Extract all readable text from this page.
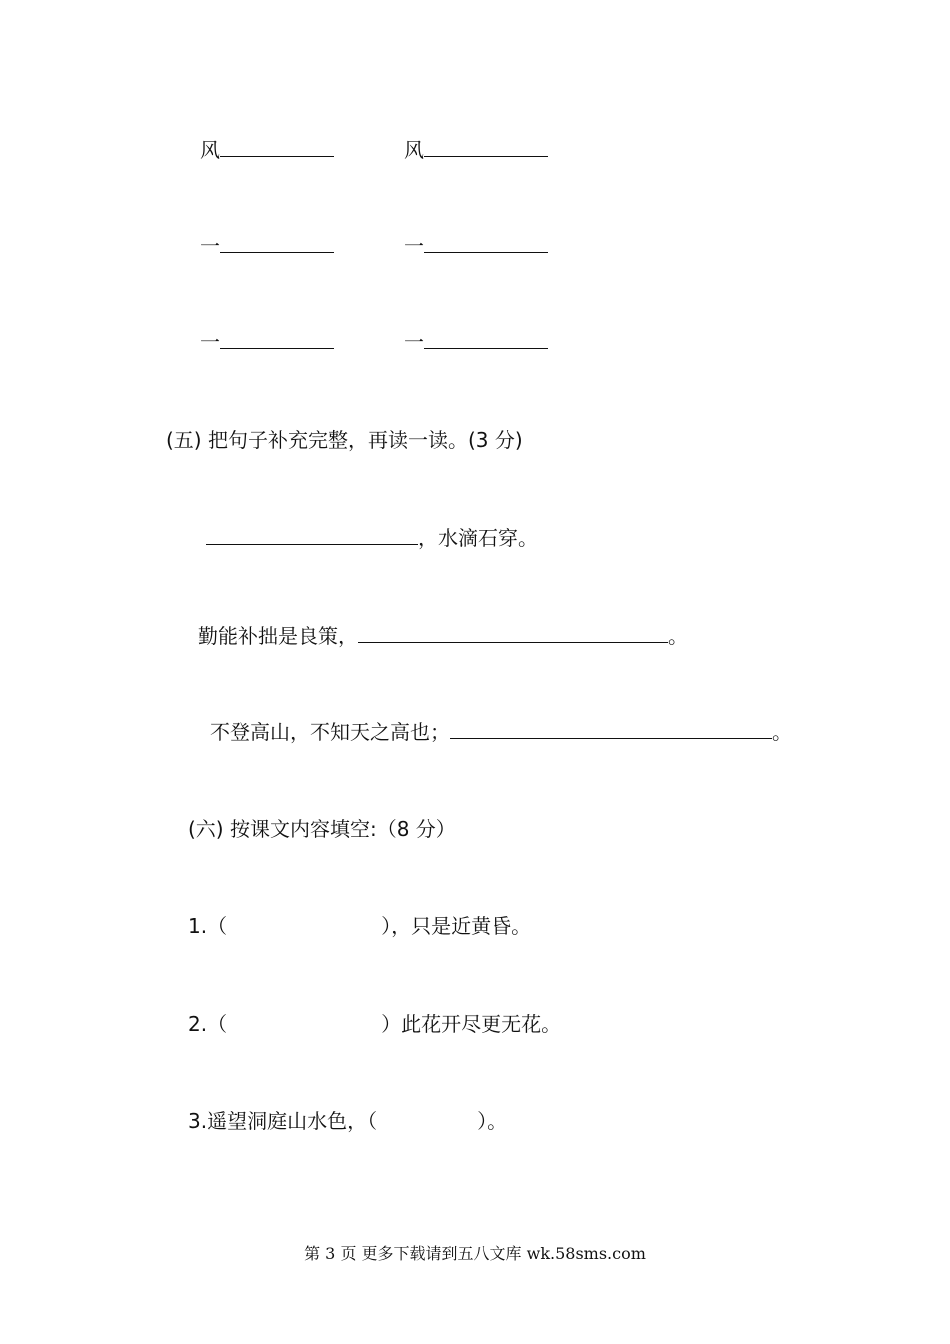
风	风
一	一
一	一
(五) 把句子补充完整，再读一读。(3 分)
，水滴石穿。
勤能补拙是良策，	。
不登高山，不知天之高也；	。
(六) 按课文内容填空:（8 分）
1.（	），只是近黄昏。
2.（	）此花开尽更无花。
3.遥望洞庭山水色，（	）。
第 3 页 更多下载请到五八文库 wk.58sms.com
